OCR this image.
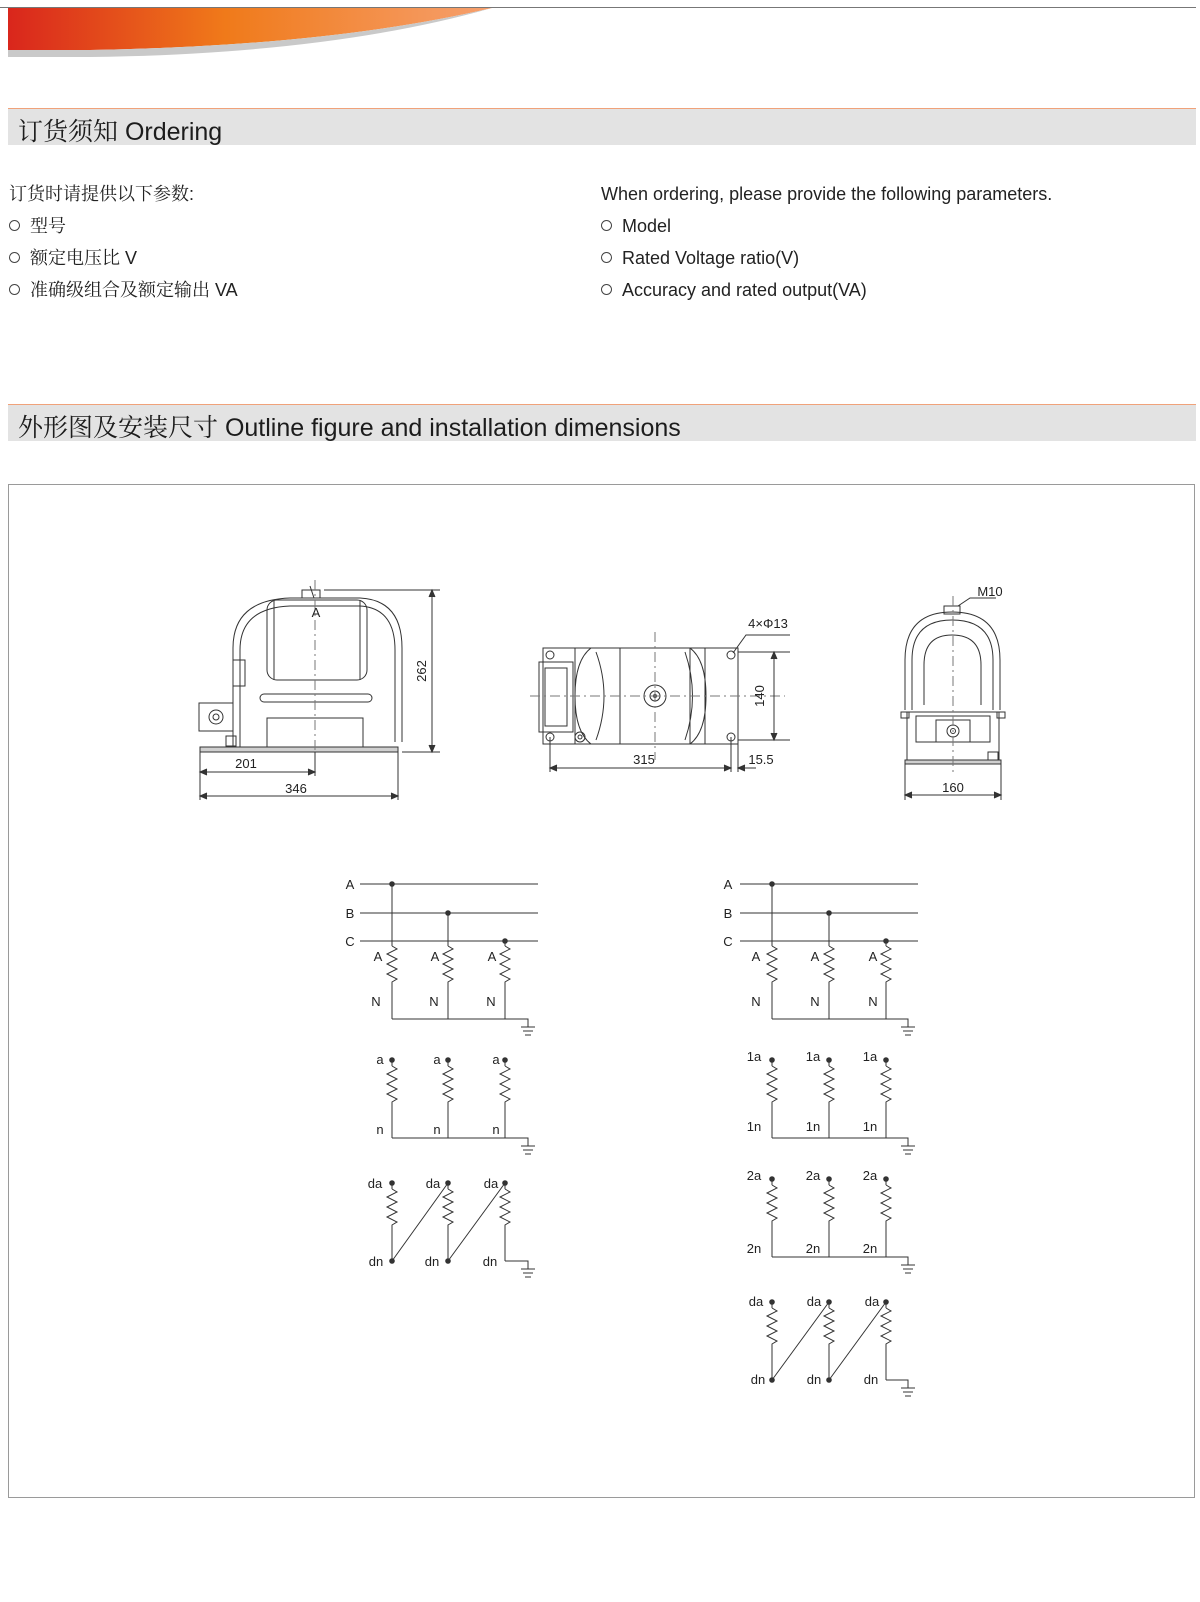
订货须知 Ordering
订货时请提供以下参数:
型号
额定电压比 V
准确级组合及额定输出 VA
When ordering, please provide the following parameters.
Model
Rated Voltage ratio(V)
Accuracy and rated output(VA)
外形图及安装尺寸 Outline figure and installation dimensions
A
262
201
346
4×Φ13
140
315	15.5
M10
160
A
B
C
A	A	A
N	N	N
a	a	a
n	n	n
da	da	da
dn	dn	dn
A
B
C
A	A	A
N	N	N
1a	1a	1a
1n	1n	1n
2a	2a	2a
2n	2n	2n
da	da	da
dn	dn	dn
